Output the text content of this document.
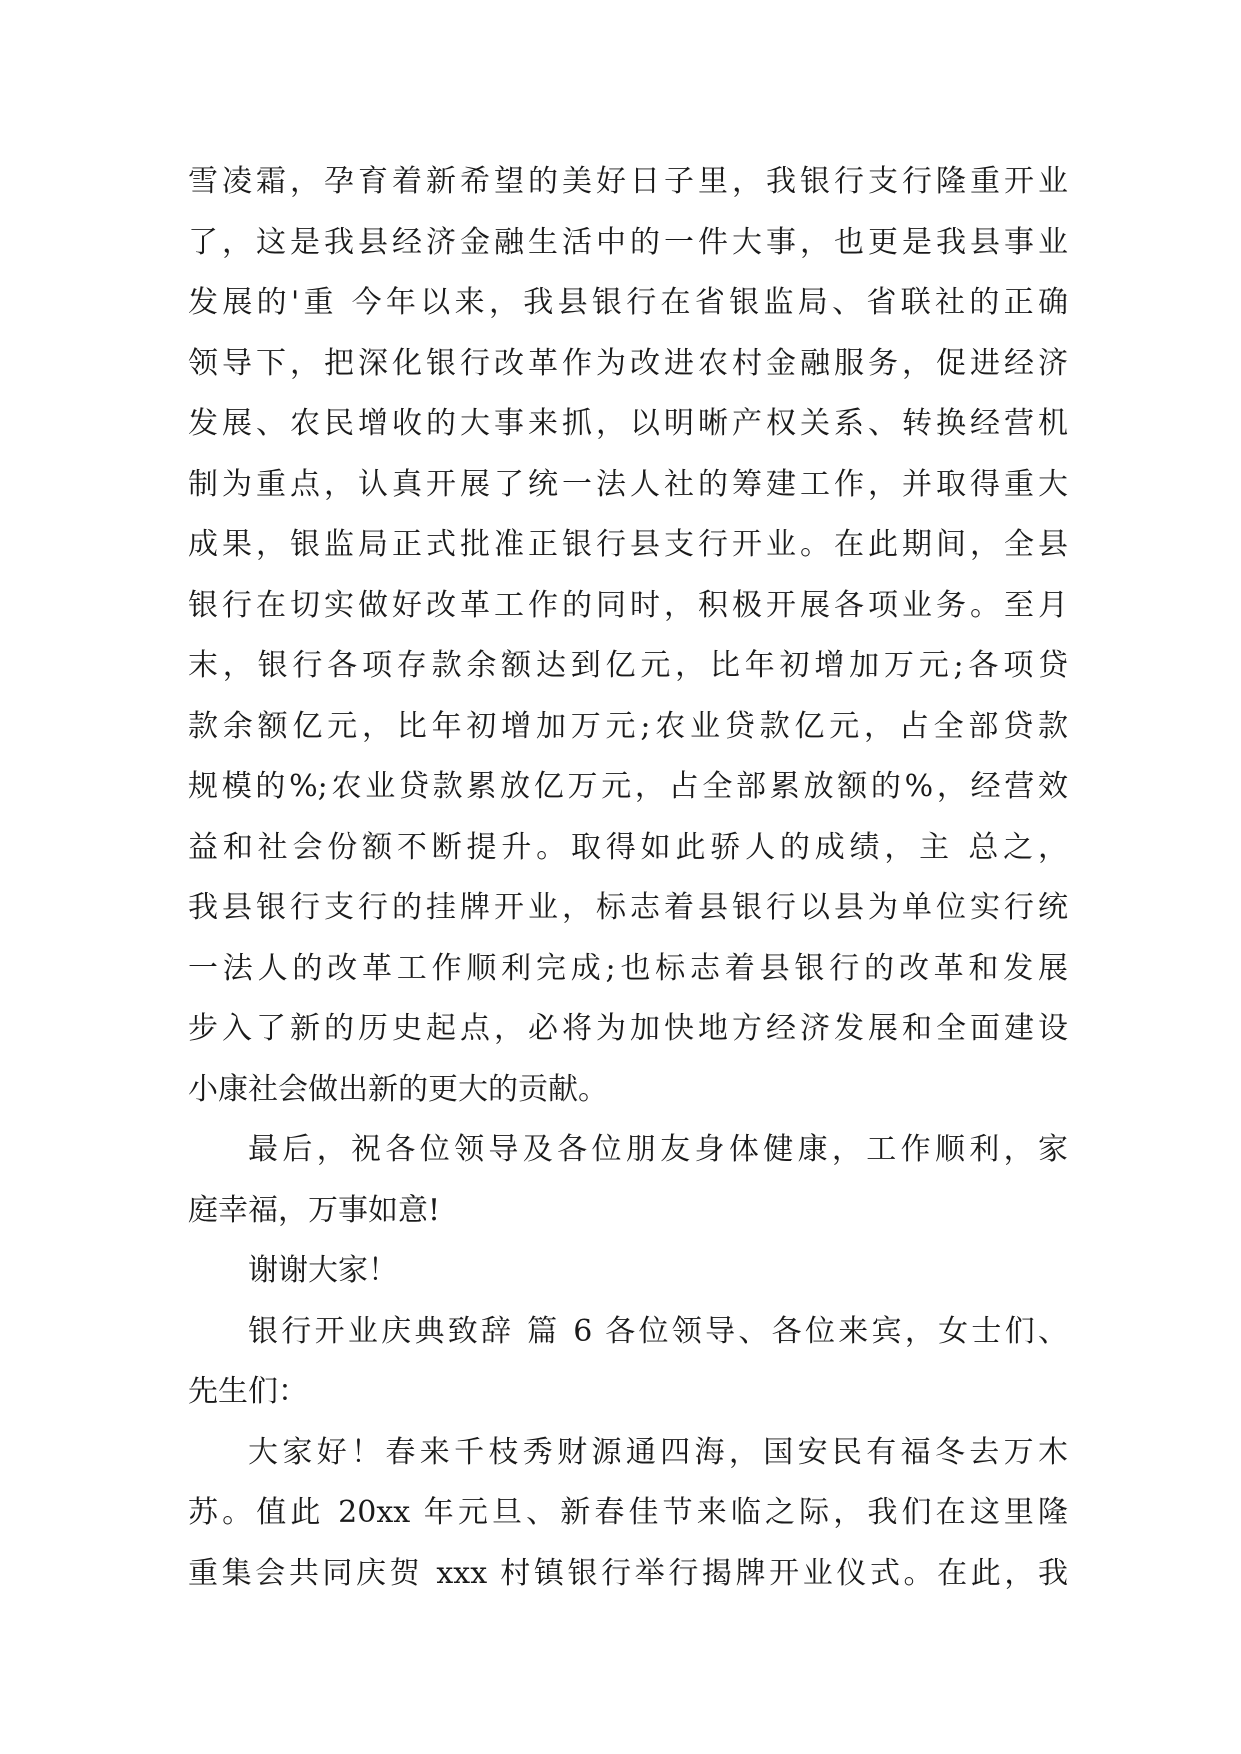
雪凌霜，孕育着新希望的美好日子里，我银行支行隆重开业
了，这是我县经济金融生活中的一件大事，也更是我县事业
发展的'重 今年以来，我县银行在省银监局、省联社的正确
领导下，把深化银行改革作为改进农村金融服务，促进经济
发展、农民增收的大事来抓，以明晰产权关系、转换经营机
制为重点，认真开展了统一法人社的筹建工作，并取得重大
成果，银监局正式批准正银行县支行开业。在此期间，全县
银行在切实做好改革工作的同时，积极开展各项业务。至月
末，银行各项存款余额达到亿元，比年初增加万元;各项贷
款余额亿元，比年初增加万元;农业贷款亿元，占全部贷款
规模的%;农业贷款累放亿万元，占全部累放额的%，经营效
益和社会份额不断提升。取得如此骄人的成绩，主 总之，
我县银行支行的挂牌开业，标志着县银行以县为单位实行统
一法人的改革工作顺利完成;也标志着县银行的改革和发展
步入了新的历史起点，必将为加快地方经济发展和全面建设
小康社会做出新的更大的贡献。
最后，祝各位领导及各位朋友身体健康，工作顺利，家
庭幸福，万事如意!
谢谢大家！
银行开业庆典致辞 篇 6 各位领导、各位来宾，女士们、
先生们：
大家好！春来千枝秀财源通四海，国安民有福冬去万木
苏。值此 20xx 年元旦、新春佳节来临之际，我们在这里隆
重集会共同庆贺 xxx 村镇银行举行揭牌开业仪式。在此，我
